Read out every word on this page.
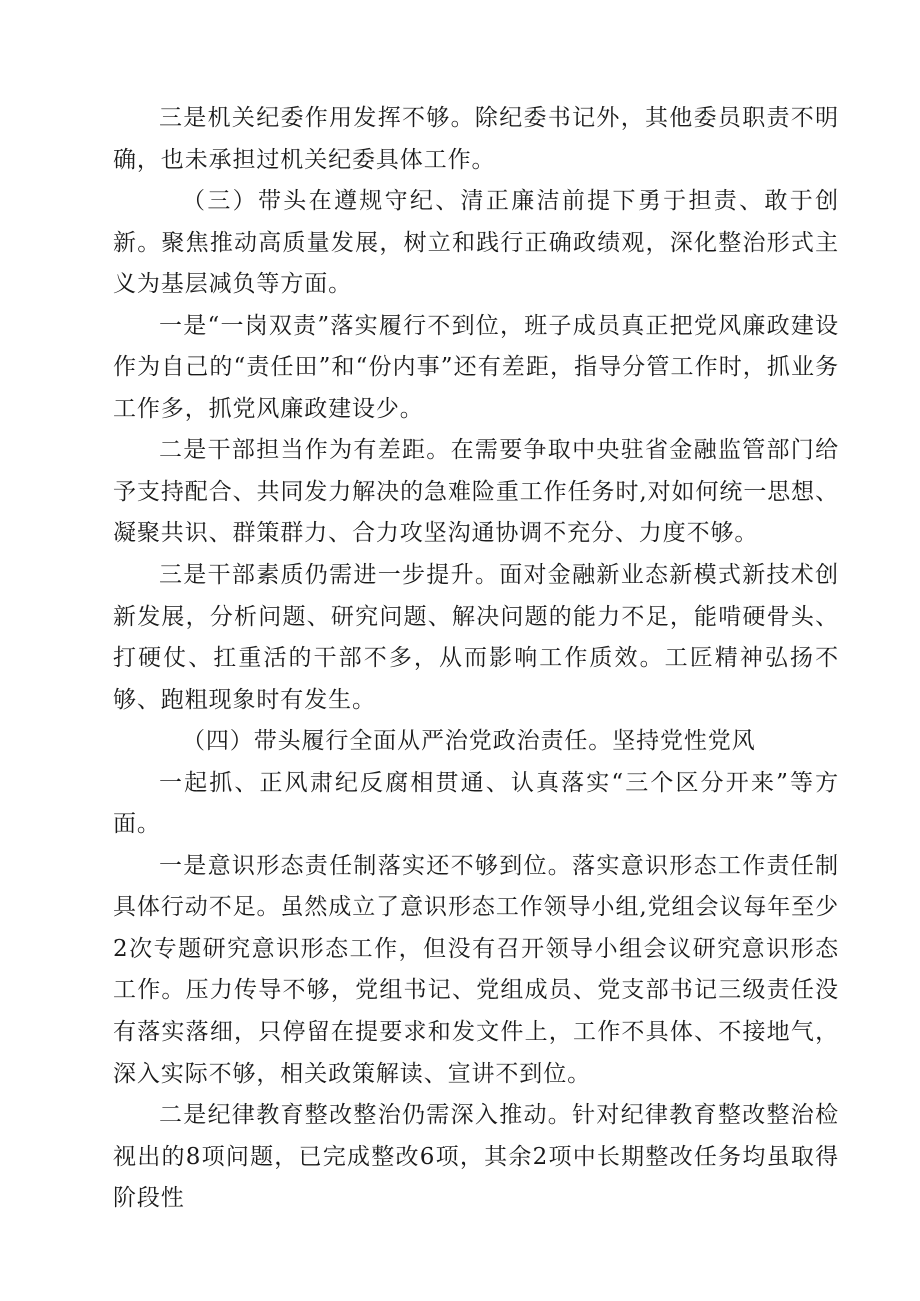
三是机关纪委作用发挥不够。除纪委书记外，其他委员职责不明确，也未承担过机关纪委具体工作。

（三）带头在遵规守纪、清正廉洁前提下勇于担责、敢于创新。聚焦推动高质量发展，树立和践行正确政绩观，深化整治形式主义为基层减负等方面。

一是“一岗双责”落实履行不到位，班子成员真正把党风廉政建设作为自己的“责任田”和“份内事”还有差距，指导分管工作时，抓业务工作多，抓党风廉政建设少。

二是干部担当作为有差距。在需要争取中央驻省金融监管部门给予支持配合、共同发力解决的急难险重工作任务时,对如何统一思想、凝聚共识、群策群力、合力攻坚沟通协调不充分、力度不够。

三是干部素质仍需进一步提升。面对金融新业态新模式新技术创新发展，分析问题、研究问题、解决问题的能力不足，能啃硬骨头、打硬仗、扛重活的干部不多，从而影响工作质效。工匠精神弘扬不够、跑粗现象时有发生。

（四）带头履行全面从严治党政治责任。坚持党性党风

一起抓、正风肃纪反腐相贯通、认真落实“三个区分开来”等方面。

一是意识形态责任制落实还不够到位。落实意识形态工作责任制具体行动不足。虽然成立了意识形态工作领导小组,党组会议每年至少2次专题研究意识形态工作，但没有召开领导小组会议研究意识形态工作。压力传导不够，党组书记、党组成员、党支部书记三级责任没有落实落细，只停留在提要求和发文件上，工作不具体、不接地气，深入实际不够，相关政策解读、宣讲不到位。

二是纪律教育整改整治仍需深入推动。针对纪律教育整改整治检视出的8项问题，已完成整改6项，其余2项中长期整改任务均虽取得阶段性
